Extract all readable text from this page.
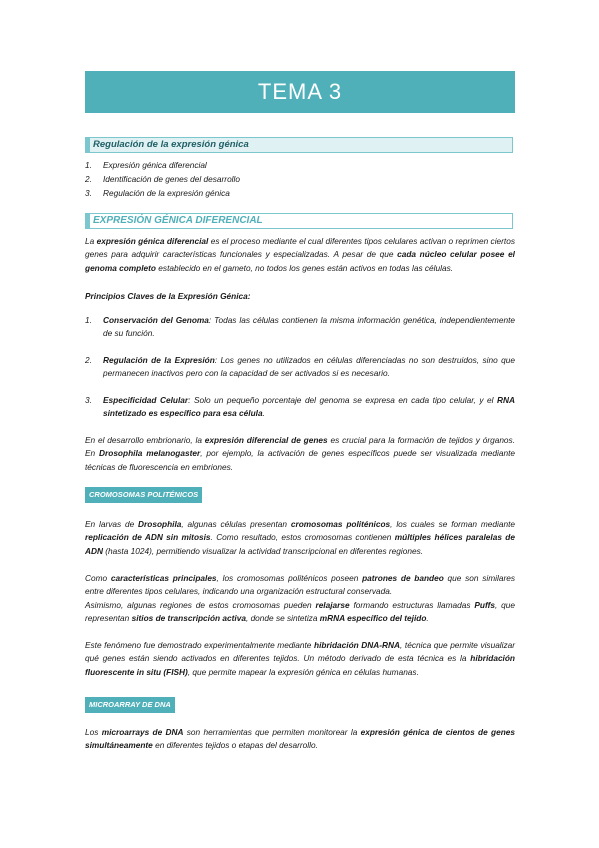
TEMA 3
Regulación de la expresión génica
1.	Expresión génica diferencial
2.	Identificación de genes del desarrollo
3.	Regulación de la expresión génica
EXPRESIÓN GÉNICA DIFERENCIAL

La expresión génica diferencial es el proceso mediante el cual diferentes tipos celulares activan o reprimen ciertos genes para adquirir características funcionales y especializadas. A pesar de que cada núcleo celular posee el genoma completo establecido en el gameto, no todos los genes están activos en todas las células.

Principios Claves de la Expresión Génica:

1.	Conservación del Genoma: Todas las células contienen la misma información genética, independientemente de su función.
2.	Regulación de la Expresión: Los genes no utilizados en células diferenciadas no son destruidos, sino que permanecen inactivos pero con la capacidad de ser activados si es necesario.
3.	Especificidad Celular: Solo un pequeño porcentaje del genoma se expresa en cada tipo celular, y el RNA sintetizado es específico para esa célula.

En el desarrollo embrionario, la expresión diferencial de genes es crucial para la formación de tejidos y órganos. En Drosophila melanogaster, por ejemplo, la activación de genes específicos puede ser visualizada mediante técnicas de fluorescencia en embriones.

CROMOSOMAS POLITÉNICOS

En larvas de Drosophila, algunas células presentan cromosomas politénicos, los cuales se forman mediante replicación de ADN sin mitosis. Como resultado, estos cromosomas contienen múltiples hélices paralelas de ADN (hasta 1024), permitiendo visualizar la actividad transcripcional en diferentes regiones.

Como características principales, los cromosomas politénicos poseen patrones de bandeo que son similares entre diferentes tipos celulares, indicando una organización estructural conservada.

Asimismo, algunas regiones de estos cromosomas pueden relajarse formando estructuras llamadas Puffs, que representan sitios de transcripción activa, donde se sintetiza mRNA específico del tejido.

Este fenómeno fue demostrado experimentalmente mediante hibridación DNA-RNA, técnica que permite visualizar qué genes están siendo activados en diferentes tejidos. Un método derivado de esta técnica es la hibridación fluorescente in situ (FISH), que permite mapear la expresión génica en células humanas.

MICROARRAY DE DNA

Los microarrays de DNA son herramientas que permiten monitorear la expresión génica de cientos de genes simultáneamente en diferentes tejidos o etapas del desarrollo.
